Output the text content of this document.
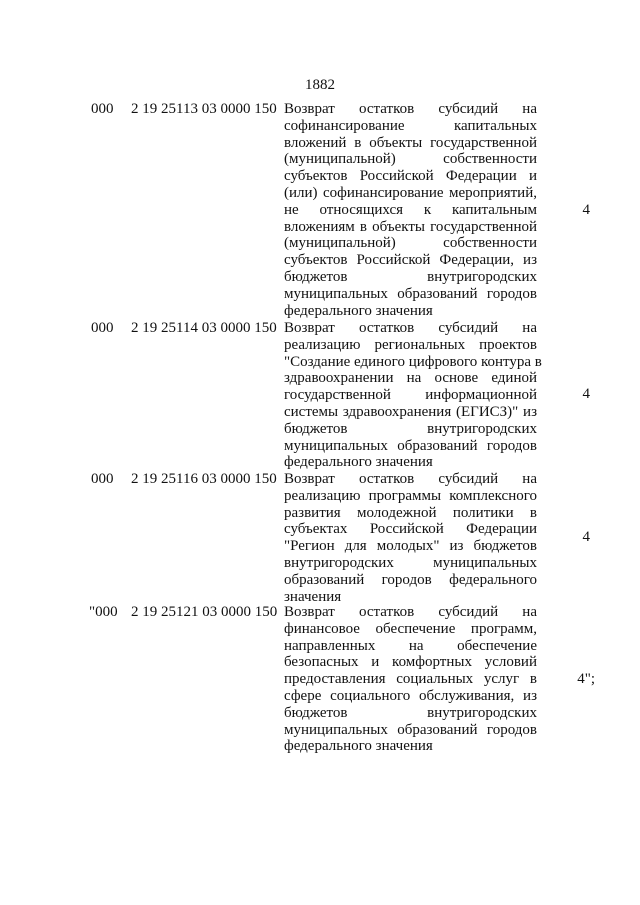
1882
000 2 19 25113 03 0000 150 Возврат остатков субсидий на
софинансирование капитальных
вложений в объекты государственной
(муниципальной) собственности
субъектов Российской Федерации и
(или) софинансирование мероприятий,
не относящихся к капитальным
вложениям в объекты государственной
(муниципальной) собственности
субъектов Российской Федерации, из
бюджетов внутригородских
муниципальных образований городов
федерального значения
4
000 2 19 25114 03 0000 150 Возврат остатков субсидий на
реализацию региональных проектов
"Создание единого цифрового контура в
здравоохранении на основе единой
государственной информационной
системы здравоохранения (ЕГИСЗ)" из
бюджетов внутригородских
муниципальных образований городов
федерального значения
4
000 2 19 25116 03 0000 150 Возврат остатков субсидий на
реализацию программы комплексного
развития молодежной политики в
субъектах Российской Федерации
"Регион для молодых" из бюджетов
внутригородских муниципальных
образований городов федерального
значения
4
"000 2 19 25121 03 0000 150 Возврат остатков субсидий на
финансовое обеспечение программ,
направленных на обеспечение
безопасных и комфортных условий
предоставления социальных услуг в
сфере социального обслуживания, из
бюджетов внутригородских
муниципальных образований городов
федерального значения
4";
